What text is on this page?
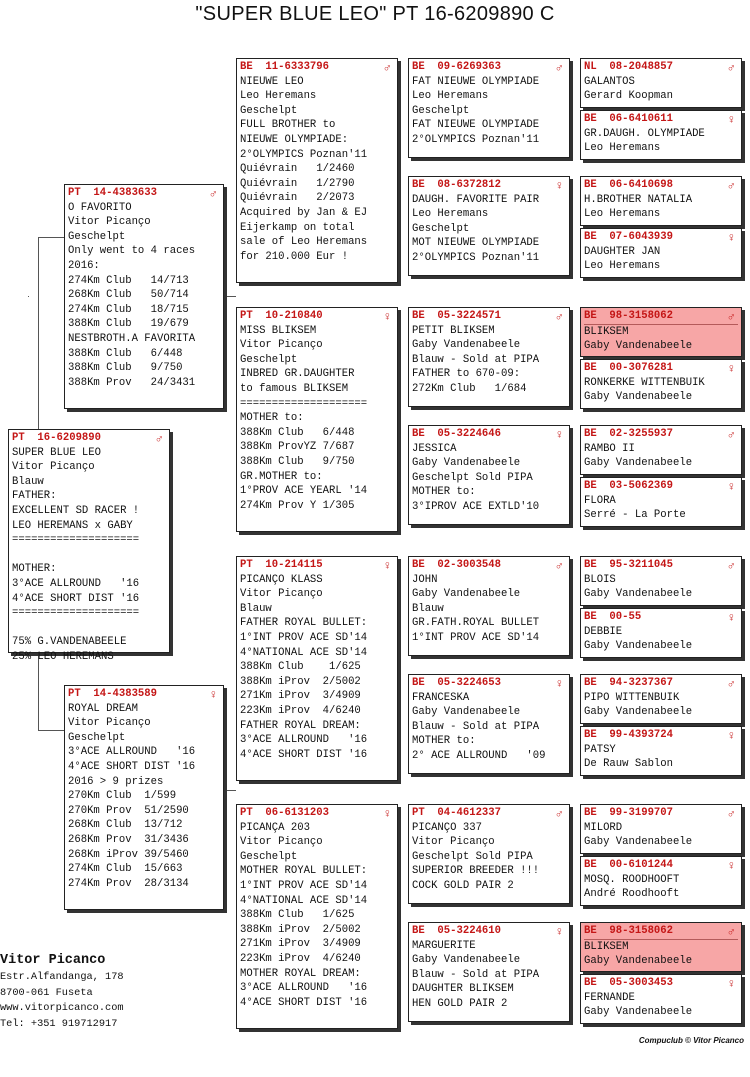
"SUPER BLUE LEO" PT 16-6209890 C
PT  16-6209890	♂
SUPER BLUE LEO
Vitor Picanço
Blauw
FATHER:
EXCELLENT SD RACER !
LEO HEREMANS x GABY
====================
MOTHER:
3°ACE ALLROUND   '16
4°ACE SHORT DIST '16
====================
75% G.VANDENABEELE
25% LEO HEREMANS
PT  14-4383633	♂
O FAVORITO
Vitor Picanço
Geschelpt
Only went to 4 races
2016:
274Km Club   14/713
268Km Club   50/714
274Km Club   18/715
388Km Club   19/679
NESTBROTH.A FAVORITA
388Km Club   6/448
388Km Club   9/750
388Km Prov   24/3431
PT  14-4383589	♀
ROYAL DREAM
Vitor Picanço
Geschelpt
3°ACE ALLROUND   '16
4°ACE SHORT DIST '16
2016 > 9 prizes
270Km Club  1/599
270Km Prov  51/2590
268Km Club  13/712
268Km Prov  31/3436
268Km iProv 39/5460
274Km Club  15/663
274Km Prov  28/3134
BE  11-6333796	♂
NIEUWE LEO
Leo Heremans
Geschelpt
FULL BROTHER to
NIEUWE OLYMPIADE:
2°OLYMPICS Poznan'11
Quiévrain   1/2460
Quiévrain   1/2790
Quiévrain   2/2073
Acquired by Jan & EJ
Eijerkamp on total
sale of Leo Heremans
for 210.000 Eur !
PT  10-210840	♀
MISS BLIKSEM
Vitor Picanço
Geschelpt
INBRED GR.DAUGHTER
to famous BLIKSEM
====================
MOTHER to:
388Km Club   6/448
388Km ProvYZ 7/687
388Km Club   9/750
GR.MOTHER to:
1°PROV ACE YEARL '14
274Km Prov Y 1/305
PT  10-214115	♀
PICANÇO KLASS
Vitor Picanço
Blauw
FATHER ROYAL BULLET:
1°INT PROV ACE SD'14
4°NATIONAL ACE SD'14
388Km Club    1/625
388Km iProv  2/5002
271Km iProv  3/4909
223Km iProv  4/6240
FATHER ROYAL DREAM:
3°ACE ALLROUND   '16
4°ACE SHORT DIST '16
PT  06-6131203	♀
PICANÇA 203
Vitor Picanço
Geschelpt
MOTHER ROYAL BULLET:
1°INT PROV ACE SD'14
4°NATIONAL ACE SD'14
388Km Club   1/625
388Km iProv  2/5002
271Km iProv  3/4909
223Km iProv  4/6240
MOTHER ROYAL DREAM:
3°ACE ALLROUND   '16
4°ACE SHORT DIST '16
BE  09-6269363	♂
FAT NIEUWE OLYMPIADE
Leo Heremans
Geschelpt
FAT NIEUWE OLYMPIADE
2°OLYMPICS Poznan'11
BE  08-6372812	♀
DAUGH. FAVORITE PAIR
Leo Heremans
Geschelpt
MOT NIEUWE OLYMPIADE
2°OLYMPICS Poznan'11
BE  05-3224571	♂
PETIT BLIKSEM
Gaby Vandenabeele
Blauw - Sold at PIPA
FATHER to 670-09:
272Km Club   1/684
BE  05-3224646	♀
JESSICA
Gaby Vandenabeele
Geschelpt Sold PIPA
MOTHER to:
3°IPROV ACE EXTLD'10
BE  02-3003548	♂
JOHN
Gaby Vandenabeele
Blauw
GR.FATH.ROYAL BULLET
1°INT PROV ACE SD'14
BE  05-3224653	♀
FRANCESKA
Gaby Vandenabeele
Blauw - Sold at PIPA
MOTHER to:
2° ACE ALLROUND   '09
PT  04-4612337	♂
PICANÇO 337
Vitor Picanço
Geschelpt Sold PIPA
SUPERIOR BREEDER !!!
COCK GOLD PAIR 2
BE  05-3224610	♀
MARGUERITE
Gaby Vandenabeele
Blauw - Sold at PIPA
DAUGHTER BLIKSEM
HEN GOLD PAIR 2
NL  08-2048857	♂
GALANTOS
Gerard Koopman
BE  06-6410611	♀
GR.DAUGH. OLYMPIADE
Leo Heremans
BE  06-6410698	♂
H.BROTHER NATALIA
Leo Heremans
BE  07-6043939	♀
DAUGHTER JAN
Leo Heremans
BE  98-3158062	♂
BLIKSEM
Gaby Vandenabeele
BE  00-3076281	♀
RONKERKE WITTENBUIK
Gaby Vandenabeele
BE  02-3255937	♂
RAMBO II
Gaby Vandenabeele
BE  03-5062369	♀
FLORA
Serré - La Porte
BE  95-3211045	♂
BLOIS
Gaby Vandenabeele
BE  00-55	♀
DEBBIE
Gaby Vandenabeele
BE  94-3237367	♂
PIPO WITTENBUIK
Gaby Vandenabeele
BE  99-4393724	♀
PATSY
De Rauw Sablon
BE  99-3199707	♂
MILORD
Gaby Vandenabeele
BE  00-6101244	♀
MOSQ. ROODHOOFT
André Roodhooft
BE  98-3158062	♂
BLIKSEM
Gaby Vandenabeele
BE  05-3003453	♀
FERNANDE
Gaby Vandenabeele
Vitor Picanco
Estr.Alfandanga, 178
8700-061 Fuseta
www.vitorpicanco.com
Tel: +351 919712917
Compuclub © Vitor Picanco
